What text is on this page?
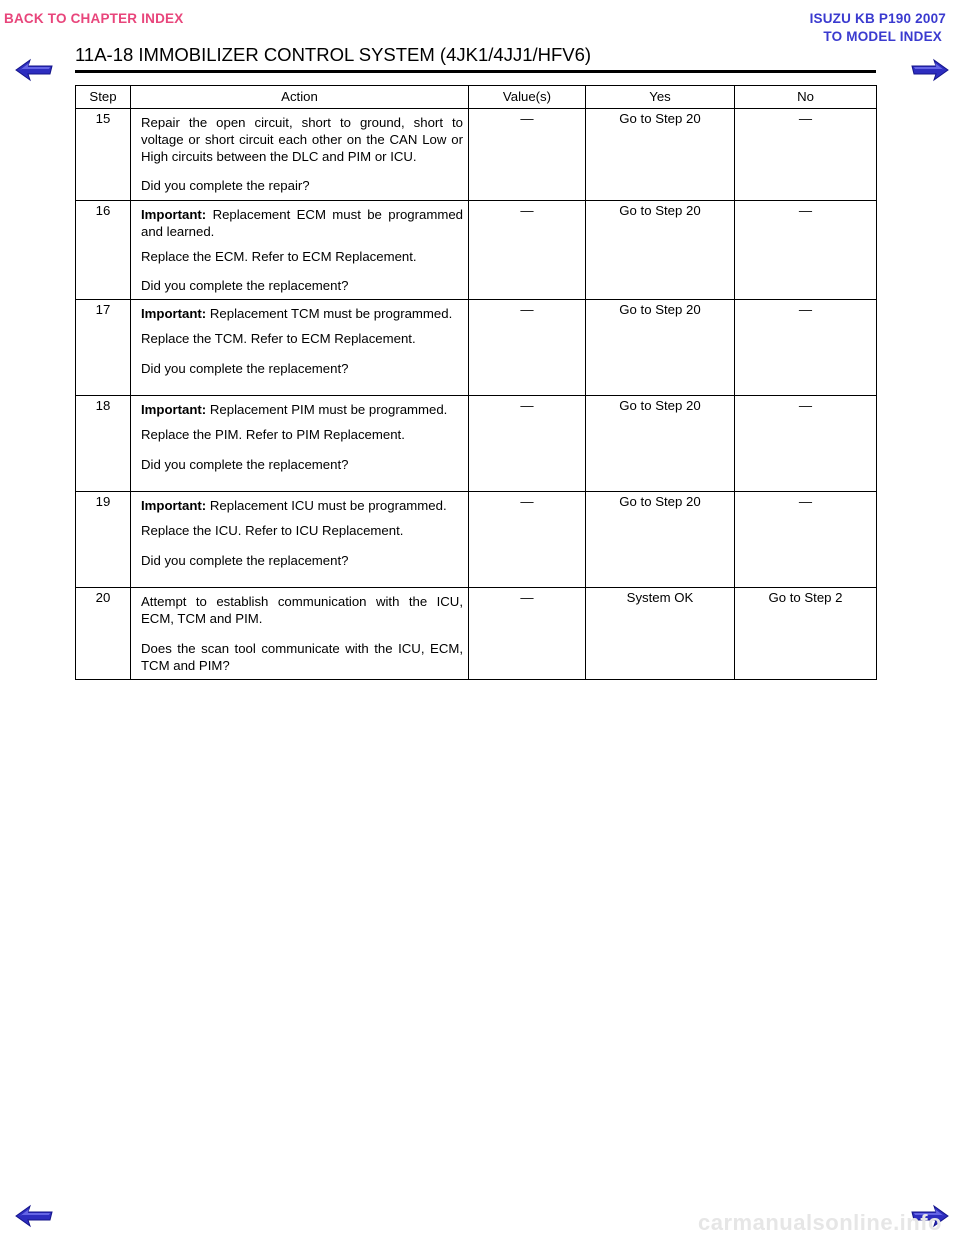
BACK TO CHAPTER INDEX	ISUZU KB P190 2007
TO MODEL INDEX
11A-18 IMMOBILIZER CONTROL SYSTEM (4JK1/4JJ1/HFV6)
Step	Action	Value(s)	Yes	No
15	Repair the open circuit, short to ground, short to voltage or short circuit each other on the CAN Low or High circuits between the DLC and PIM or ICU.

Did you complete the repair?	—	Go to Step 20	—
16	Important: Replacement ECM must be programmed and learned.

Replace the ECM. Refer to ECM Replacement.

Did you complete the replacement?	—	Go to Step 20	—
17	Important: Replacement TCM must be programmed.

Replace the TCM. Refer to ECM Replacement.

Did you complete the replacement?	—	Go to Step 20	—
18	Important: Replacement PIM must be programmed.

Replace the PIM. Refer to PIM Replacement.

Did you complete the replacement?	—	Go to Step 20	—
19	Important: Replacement ICU must be programmed.

Replace the ICU. Refer to ICU Replacement.

Did you complete the replacement?	—	Go to Step 20	—
20	Attempt to establish communication with the ICU, ECM, TCM and PIM.

Does the scan tool communicate with the ICU, ECM, TCM and PIM?	—	System OK	Go to Step 2
carmanualsonline.info
